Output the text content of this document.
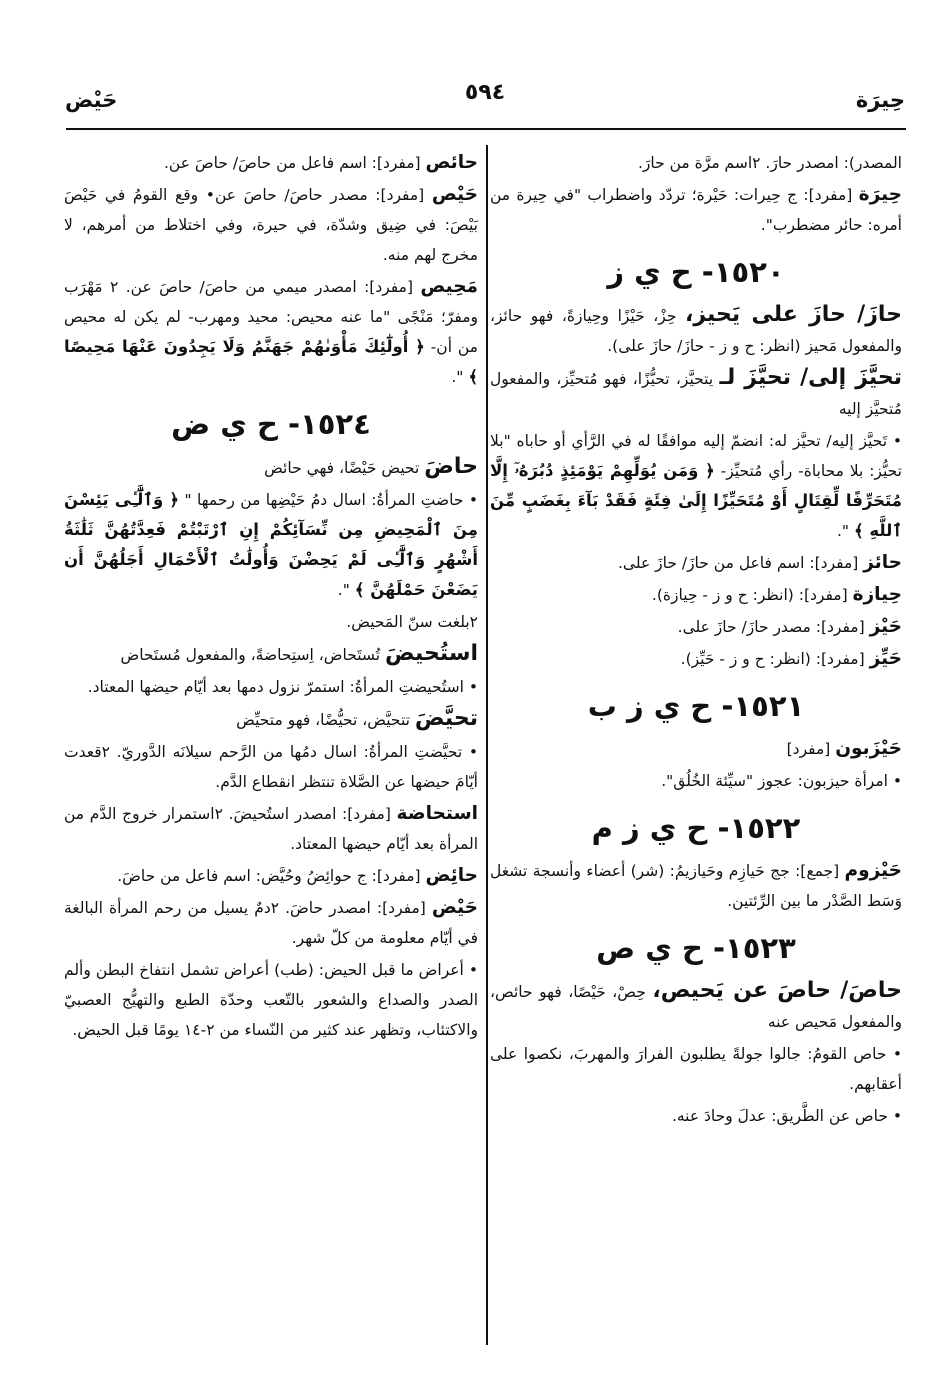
حِيرَة
٥٩٤
حَيْض

المصدر): امصدر حارَ. ٢اسم مرَّة من حارَ.

حِيرَة [مفرد]: ج حِيرات: حَيْرة؛ تردّد واضطراب "في حِيرة من أمره: حائر مضطرب".

١٥٢٠- ح ي ز

حازَ/ حازَ على يَحيز، حِزْ، حَيْزًا وحِيازةً، فهو حائز، والمفعول مَحيز (انظر: ح و ز - حازَ/ حازَ على).

تحيَّزَ إلى/ تحيَّزَ لـ يتحيَّز، تحيُّزًا، فهو مُتحيِّز، والمفعول مُتحيَّز إليه

• تَحيَّز إليه/ تحيَّز له: انضمّ إليه موافقًا له في الرَّأي أو حاباه "بلا تحيُّز: بلا محاباة- رأي مُتحيِّز- ﴿ وَمَن يُوَلِّهِمْ يَوْمَئِذٍ دُبُرَهُۥٓ إِلَّا مُتَحَرِّفًا لِّقِتَالٍ أَوْ مُتَحَيِّزًا إِلَىٰ فِئَةٍ فَقَدْ بَآءَ بِغَضَبٍ مِّنَ ٱللَّهِ ﴾ ".

حائز [مفرد]: اسم فاعل من حازَ/ حازَ على.

حِيازة [مفرد]: (انظر: ح و ز - حِيازة).

حَيْز [مفرد]: مصدر حازَ/ حازَ على.

حَيِّز [مفرد]: (انظر: ح و ز - حَيِّز).

١٥٢١- ح ي ز ب

حَيْزَبون [مفرد]

• امرأة حيزبون: عجوز "سيِّئة الخُلُق".

١٥٢٢- ح ي ز م

حَيْزوم [جمع]: جج حَيازِم وحَيازيمُ: (شر) أعضاء وأنسجة تشغل وَسَط الصَّدْر ما بين الرِّئتين.

١٥٢٣- ح ي ص

حاصَ/ حاصَ عن يَحيص، حِصْ، حَيْصًا، فهو حائص، والمفعول مَحيص عنه

• حاص القومُ: جالوا جولةً يطلبون الفرارَ والمهربَ، نكصوا على أعقابهم.

• حاص عن الطَّريق: عدلَ وحادَ عنه.

حائص [مفرد]: اسم فاعل من حاصَ/ حاصَ عن.

حَيْص [مفرد]: مصدر حاصَ/ حاصَ عن• وقع القومُ في حَيْصَ بَيْصَ: في ضِيق وشدّة، في حيرة، وفي اختلاط من أمرهم، لا مخرج لهم منه.

مَحِيص [مفرد]: امصدر ميمي من حاصَ/ حاصَ عن. ٢ مَهْرَب ومفرّ؛ مَنْجًى "ما عنه محيص: محيد ومهرب- لم يكن له محيص من أن- ﴿ أُولَٰٓئِكَ مَأْوَىٰهُمْ جَهَنَّمُ وَلَا يَجِدُونَ عَنْهَا مَحِيصًا ﴾ ".

١٥٢٤- ح ي ض

حاضَ تحيض حَيْضًا، فهي حائض

• حاضتِ المرأةُ: اسال دمُ حَيْضِها من رحمها " ﴿ وَٱلَّٰٓـِٔى يَئِسْنَ مِنَ ٱلْمَحِيضِ مِن نِّسَآئِكُمْ إِنِ ٱرْتَبْتُمْ فَعِدَّتُهُنَّ ثَلَٰثَةُ أَشْهُرٍ وَٱلَّٰٓـِٔى لَمْ يَحِضْنَ وَأُولَٰتُ ٱلْأَحْمَالِ أَجَلُهُنَّ أَن يَضَعْنَ حَمْلَهُنَّ ﴾ ".

٢بلغت سنّ المَحيض.

استُحيضَ تُستَحاض، اِستِحاضةً، والمفعول مُستَحاض

• استُحيضتِ المرأةُ: استمرّ نزول دمها بعد أيّام حيضها المعتاد.

تحيَّضَ تتحيَّض، تحيُّضًا، فهو متحيِّض

• تحيَّضتِ المرأةُ: اسال دمُها من الرَّحم سيلانَه الدَّوريّ. ٢قعدت أيّامَ حيضها عن الصَّلاة تنتظر انقطاع الدَّم.

استحاضة [مفرد]: امصدر استُحيضَ. ٢استمرار خروج الدَّم من المرأة بعد أيّام حيضها المعتاد.

حائِض [مفرد]: ج حوائِضُ وحُيَّض: اسم فاعل من حاضَ.

حَيْض [مفرد]: امصدر حاضَ. ٢دمٌ يسيل من رحم المرأة البالغة في أيّام معلومة من كلّ شهر.

• أعراض ما قبل الحيض: (طب) أعراض تشمل انتفاخ البطن وألم الصدر والصداع والشعور بالتّعب وحدّة الطبع والتهيُّج العصبيّ والاكتئاب، وتظهر عند كثير من النّساء من ٢-١٤ يومًا قبل الحيض.
